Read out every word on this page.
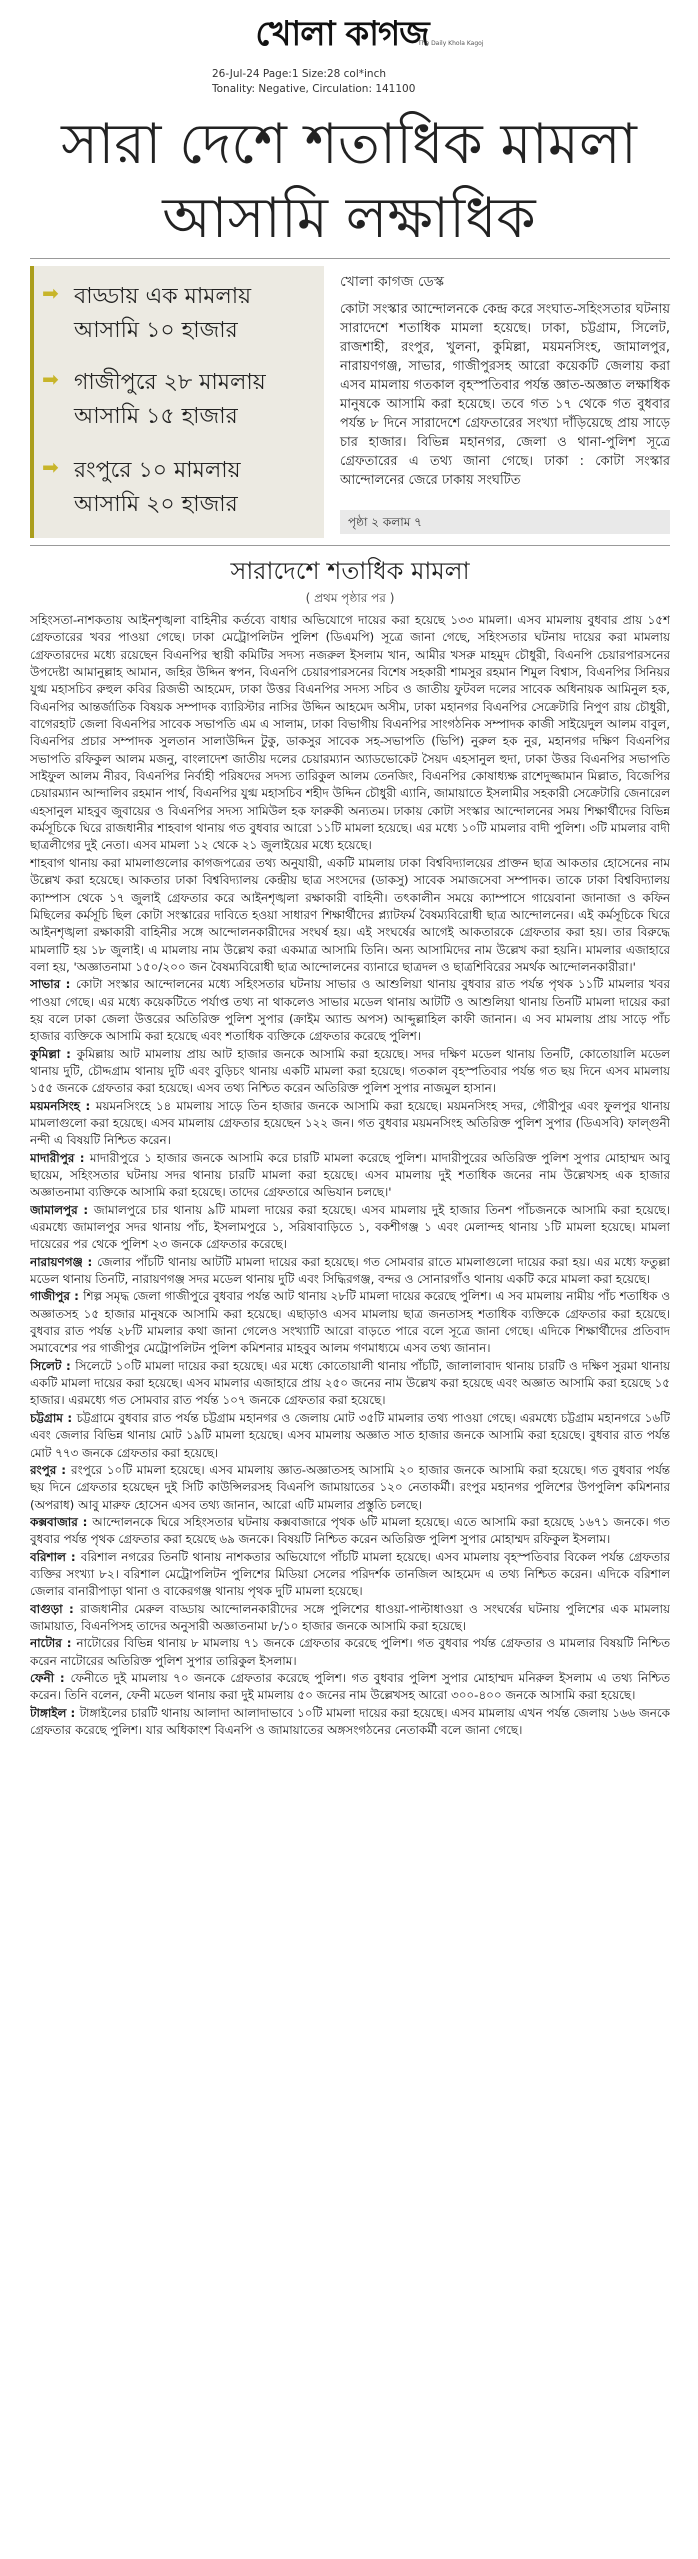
খোলা কাগজ
The Daily Khola Kagoj
26-Jul-24 Page:1 Size:28 col*inch
Tonality: Negative, Circulation: 141100
সারা দেশে শতাধিক মামলা
আসামি লক্ষাধিক
➡ বাড্ডায় এক মামলায়
আসামি ১০ হাজার
➡ গাজীপুরে ২৮ মামলায়
আসামি ১৫ হাজার
➡ রংপুরে ১০ মামলায়
আসামি ২০ হাজার
খোলা কাগজ ডেস্ক
কোটা সংস্কার আন্দোলনকে কেন্দ্র করে সংঘাত-সহিংসতার ঘটনায় সারাদেশে শতাধিক মামলা হয়েছে। ঢাকা, চট্টগ্রাম, সিলেট, রাজশাহী, রংপুর, খুলনা, কুমিল্লা, ময়মনসিংহ, জামালপুর, নারায়ণগঞ্জ, সাভার, গাজীপুরসহ আরো কয়েকটি জেলায় করা এসব মামলায় গতকাল বৃহস্পতিবার পর্যন্ত জ্ঞাত-অজ্ঞাত লক্ষাধিক মানুষকে আসামি করা হয়েছে। তবে গত ১৭ থেকে গত বুধবার পর্যন্ত ৮ দিনে সারাদেশে গ্রেফতারের সংখ্যা দাঁড়িয়েছে প্রায় সাড়ে চার হাজার। বিভিন্ন মহানগর, জেলা ও থানা-পুলিশ সূত্রে গ্রেফতারের এ তথ্য জানা গেছে। ঢাকা : কোটা সংস্কার আন্দোলনের জেরে ঢাকায় সংঘটিত
পৃষ্ঠা ২ কলাম ৭
সারাদেশে শতাধিক মামলা
( প্রথম পৃষ্ঠার পর )

সহিংসতা-নাশকতায় আইনশৃঙ্খলা বাহিনীর কর্তব্যে বাধার অভিযোগে দায়ের করা হয়েছে ১৩৩ মামলা। এসব মামলায় বুধবার প্রায় ১৫শ গ্রেফতারের খবর পাওয়া গেছে। ঢাকা মেট্রোপলিটন পুলিশ (ডিএমপি) সূত্রে জানা গেছে, সহিংসতার ঘটনায় দায়ের করা মামলায় গ্রেফতারদের মধ্যে রয়েছেন বিএনপির স্থায়ী কমিটির সদস্য নজরুল ইসলাম খান, আমীর খসরু মাহমুদ চৌধুরী, বিএনপি চেয়ারপারসনের উপদেষ্টা আমানুল্লাহ আমান, জহির উদ্দিন স্বপন, বিএনপি চেয়ারপারসনের বিশেষ সহকারী শামসুর রহমান শিমুল বিশ্বাস, বিএনপির সিনিয়র যুগ্ম মহাসচিব রুহুল কবির রিজভী আহমেদ, ঢাকা উত্তর বিএনপির সদস্য সচিব ও জাতীয় ফুটবল দলের সাবেক অধিনায়ক আমিনুল হক, বিএনপির আন্তর্জাতিক বিষয়ক সম্পাদক ব্যারিস্টার নাসির উদ্দিন আহমেদ অসীম, ঢাকা মহানগর বিএনপির সেক্রেটারি নিপুণ রায় চৌধুরী, বাগেরহাট জেলা বিএনপির সাবেক সভাপতি এম এ সালাম, ঢাকা বিভাগীয় বিএনপির সাংগঠনিক সম্পাদক কাজী সাইয়েদুল আলম বাবুল, বিএনপির প্রচার সম্পাদক সুলতান সালাউদ্দিন টুকু, ডাকসুর সাবেক সহ-সভাপতি (ভিপি) নুরুল হক নুর, মহানগর দক্ষিণ বিএনপির সভাপতি রফিকুল আলম মজনু, বাংলাদেশ জাতীয় দলের চেয়ারম্যান অ্যাডভোকেট সৈয়দ এহসানুল হুদা, ঢাকা উত্তর বিএনপির সভাপতি সাইফুল আলম নীরব, বিএনপির নির্বাহী পরিষদের সদস্য তারিকুল আলম তেনজিং, বিএনপির কোষাধ্যক্ষ রাশেদুজ্জামান মিল্লাত, বিজেপির চেয়ারম্যান আন্দালিব রহমান পার্থ, বিএনপির যুগ্ম মহাসচিব শহীদ উদ্দিন চৌধুরী এ্যানি, জামায়াতে ইসলামীর সহকারী সেক্রেটারি জেনারেল এহসানুল মাহবুব জুবায়ের ও বিএনপির সদস্য সামিউল হক ফারুকী অন্যতম। ঢাকায় কোটা সংস্কার আন্দোলনের সময় শিক্ষার্থীদের বিভিন্ন কর্মসূচিকে ঘিরে রাজধানীর শাহবাগ থানায় গত বুধবার আরো ১১টি মামলা হয়েছে। এর মধ্যে ১০টি মামলার বাদী পুলিশ। ৩টি মামলার বাদী ছাত্রলীগের দুই নেতা। এসব মামলা ১২ থেকে ২১ জুলাইয়ের মধ্যে হয়েছে।

শাহবাগ থানায় করা মামলাগুলোর কাগজপত্রের তথ্য অনুযায়ী, একটি মামলায় ঢাকা বিশ্ববিদ্যালয়ের প্রাক্তন ছাত্র আকতার হোসেনের নাম উল্লেখ করা হয়েছে। আকতার ঢাকা বিশ্ববিদ্যালয় কেন্দ্রীয় ছাত্র সংসদের (ডাকসু) সাবেক সমাজসেবা সম্পাদক। তাকে ঢাকা বিশ্ববিদ্যালয় ক্যাম্পাস থেকে ১৭ জুলাই গ্রেফতার করে আইনশৃঙ্খলা রক্ষাকারী বাহিনী। তৎকালীন সময়ে ক্যাম্পাসে গায়েবানা জানাজা ও কফিন মিছিলের কর্মসূচি ছিল কোটা সংস্কারের দাবিতে হওয়া সাধারণ শিক্ষার্থীদের প্ল্যাটফর্ম বৈষম্যবিরোধী ছাত্র আন্দোলনের। এই কর্মসূচিকে ঘিরে আইনশৃঙ্খলা রক্ষাকারী বাহিনীর সঙ্গে আন্দোলনকারীদের সংঘর্ষ হয়। এই সংঘর্ষের আগেই আকতারকে গ্রেফতার করা হয়। তার বিরুদ্ধে মামলাটি হয় ১৮ জুলাই। এ মামলায় নাম উল্লেখ করা একমাত্র আসামি তিনি। অন্য আসামিদের নাম উল্লেখ করা হয়নি। মামলার এজাহারে বলা হয়, 'অজ্ঞাতনামা ১৫০/২০০ জন বৈষম্যবিরোধী ছাত্র আন্দোলনের ব্যানারে ছাত্রদল ও ছাত্রশিবিরের সমর্থক আন্দোলনকারীরা।'

সাভার : কোটা সংস্কার আন্দোলনের মধ্যে সহিংসতার ঘটনায় সাভার ও আশুলিয়া থানায় বুধবার রাত পর্যন্ত পৃথক ১১টি মামলার খবর পাওয়া গেছে। এর মধ্যে কয়েকটিতে পর্যাপ্ত তথ্য না থাকলেও সাভার মডেল থানায় আটটি ও আশুলিয়া থানায় তিনটি মামলা দায়ের করা হয় বলে ঢাকা জেলা উত্তরের অতিরিক্ত পুলিশ সুপার (ক্রাইম অ্যান্ড অপস) আব্দুল্লাহিল কাফী জানান। এ সব মামলায় প্রায় সাড়ে পাঁচ হাজার ব্যক্তিকে আসামি করা হয়েছে এবং শতাধিক ব্যক্তিকে গ্রেফতার করেছে পুলিশ।

কুমিল্লা : কুমিল্লায় আট মামলায় প্রায় আট হাজার জনকে আসামি করা হয়েছে। সদর দক্ষিণ মডেল থানায় তিনটি, কোতোয়ালি মডেল থানায় দুটি, চৌদ্দগ্রাম থানায় দুটি এবং বুড়িচং থানায় একটি মামলা করা হয়েছে। গতকাল বৃহস্পতিবার পর্যন্ত গত ছয় দিনে এসব মামলায় ১৫৫ জনকে গ্রেফতার করা হয়েছে। এসব তথ্য নিশ্চিত করেন অতিরিক্ত পুলিশ সুপার নাজমুল হাসান।

ময়মনসিংহ : ময়মনসিংহে ১৪ মামলায় সাড়ে তিন হাজার জনকে আসামি করা হয়েছে। ময়মনসিংহ সদর, গৌরীপুর এবং ফুলপুর থানায় মামলাগুলো করা হয়েছে। এসব মামলায় গ্রেফতার হয়েছেন ১২২ জন। গত বুধবার ময়মনসিংহ অতিরিক্ত পুলিশ সুপার (ডিএসবি) ফাল্গুনী নন্দী এ বিষয়টি নিশ্চিত করেন।

মাদারীপুর : মাদারীপুরে ১ হাজার জনকে আসামি করে চারটি মামলা করেছে পুলিশ। মাদারীপুরের অতিরিক্ত পুলিশ সুপার মোহাম্মদ আবু ছায়েম, সহিংসতার ঘটনায় সদর থানায় চারটি মামলা করা হয়েছে। এসব মামলায় দুই শতাধিক জনের নাম উল্লেখসহ এক হাজার অজ্ঞাতনামা ব্যক্তিকে আসামি করা হয়েছে। তাদের গ্রেফতারে অভিযান চলছে।'

জামালপুর : জামালপুরে চার থানায় ৯টি মামলা দায়ের করা হয়েছে। এসব মামলায় দুই হাজার তিনশ পাঁচজনকে আসামি করা হয়েছে। এরমধ্যে জামালপুর সদর থানায় পাঁচ, ইসলামপুরে ১, সরিষাবাড়িতে ১, বকশীগঞ্জ ১ এবং মেলান্দহ থানায় ১টি মামলা হয়েছে। মামলা দায়েরের পর থেকে পুলিশ ২৩ জনকে গ্রেফতার করেছে।

নারায়ণগঞ্জ : জেলার পাঁচটি থানায় আটটি মামলা দায়ের করা হয়েছে। গত সোমবার রাতে মামলাগুলো দায়ের করা হয়। এর মধ্যে ফতুল্লা মডেল থানায় তিনটি, নারায়ণগঞ্জ সদর মডেল থানায় দুটি এবং সিদ্ধিরগঞ্জ, বন্দর ও সোনারগাঁও থানায় একটি করে মামলা করা হয়েছে।

গাজীপুর : শিল্প সমৃদ্ধ জেলা গাজীপুরে বুধবার পর্যন্ত আট থানায় ২৮টি মামলা দায়ের করেছে পুলিশ। এ সব মামলায় নামীয় পাঁচ শতাধিক ও অজ্ঞাতসহ ১৫ হাজার মানুষকে আসামি করা হয়েছে। এছাড়াও এসব মামলায় ছাত্র জনতাসহ শতাধিক ব্যক্তিকে গ্রেফতার করা হয়েছে। বুধবার রাত পর্যন্ত ২৮টি মামলার কথা জানা গেলেও সংখ্যাটি আরো বাড়তে পারে বলে সূত্রে জানা গেছে। এদিকে শিক্ষার্থীদের প্রতিবাদ সমাবেশের পর গাজীপুর মেট্রোপলিটন পুলিশ কমিশনার মাহবুব আলম গণমাধ্যমে এসব তথ্য জানান।

সিলেট : সিলেটে ১০টি মামলা দায়ের করা হয়েছে। এর মধ্যে কোতোয়ালী থানায় পাঁচটি, জালালাবাদ থানায় চারটি ও দক্ষিণ সুরমা থানায় একটি মামলা দায়ের করা হয়েছে। এসব মামলার এজাহারে প্রায় ২৫০ জনের নাম উল্লেখ করা হয়েছে এবং অজ্ঞাত আসামি করা হয়েছে ১৫ হাজার। এরমধ্যে গত সোমবার রাত পর্যন্ত ১০৭ জনকে গ্রেফতার করা হয়েছে।

চট্টগ্রাম : চট্টগ্রামে বুধবার রাত পর্যন্ত চট্টগ্রাম মহানগর ও জেলায় মোট ৩৫টি মামলার তথ্য পাওয়া গেছে। এরমধ্যে চট্টগ্রাম মহানগরে ১৬টি এবং জেলার বিভিন্ন থানায় মোট ১৯টি মামলা হয়েছে। এসব মামলায় অজ্ঞাত সাত হাজার জনকে আসামি করা হয়েছে। বুধবার রাত পর্যন্ত মোট ৭৭৩ জনকে গ্রেফতার করা হয়েছে।

রংপুর : রংপুরে ১০টি মামলা হয়েছে। এসব মামলায় জ্ঞাত-অজ্ঞাতসহ আসামি ২০ হাজার জনকে আসামি করা হয়েছে। গত বুধবার পর্যন্ত ছয় দিনে গ্রেফতার হয়েছেন দুই সিটি কাউন্সিলরসহ বিএনপি জামায়াতের ১২০ নেতাকর্মী। রংপুর মহানগর পুলিশের উপপুলিশ কমিশনার (অপরাধ) আবু মারুফ হোসেন এসব তথ্য জানান, আরো এটি মামলার প্রস্তুতি চলছে।

কক্সবাজার : আন্দোলনকে ঘিরে সহিংসতার ঘটনায় কক্সবাজারে পৃথক ৬টি মামলা হয়েছে। এতে আসামি করা হয়েছে ১৬৭১ জনকে। গত বুধবার পর্যন্ত পৃথক গ্রেফতার করা হয়েছে ৬৯ জনকে। বিষয়টি নিশ্চিত করেন অতিরিক্ত পুলিশ সুপার মোহাম্মদ রফিকুল ইসলাম।

বরিশাল : বরিশাল নগরের তিনটি থানায় নাশকতার অভিযোগে পাঁচটি মামলা হয়েছে। এসব মামলায় বৃহস্পতিবার বিকেল পর্যন্ত গ্রেফতার ব্যক্তির সংখ্যা ৮২। বরিশাল মেট্রোপলিটন পুলিশের মিডিয়া সেলের পরিদর্শক তানজিল আহমেদ এ তথ্য নিশ্চিত করেন। এদিকে বরিশাল জেলার বানারীপাড়া থানা ও বাকেরগঞ্জ থানায় পৃথক দুটি মামলা হয়েছে।

বাগুড়া : রাজধানীর মেরুল বাড্ডায় আন্দোলনকারীদের সঙ্গে পুলিশের ধাওয়া-পাল্টাধাওয়া ও সংঘর্ষের ঘটনায় পুলিশের এক মামলায় জামায়াত, বিএনপিসহ তাদের অনুসারী অজ্ঞাতনামা ৮/১০ হাজার জনকে আসামি করা হয়েছে।

নাটোর : নাটোরের বিভিন্ন থানায় ৮ মামলায় ৭১ জনকে গ্রেফতার করেছে পুলিশ। গত বুধবার পর্যন্ত গ্রেফতার ও মামলার বিষয়টি নিশ্চিত করেন নাটোরের অতিরিক্ত পুলিশ সুপার তারিকুল ইসলাম।

ফেনী : ফেনীতে দুই মামলায় ৭০ জনকে গ্রেফতার করেছে পুলিশ। গত বুধবার পুলিশ সুপার মোহাম্মদ মনিরুল ইসলাম এ তথ্য নিশ্চিত করেন। তিনি বলেন, ফেনী মডেল থানায় করা দুই মামলায় ৫০ জনের নাম উল্লেখসহ আরো ৩০০-৪০০ জনকে আসামি করা হয়েছে।

টাঙ্গাইল : টাঙ্গাইলের চারটি থানায় আলাদা আলাদাভাবে ১০টি মামলা দায়ের করা হয়েছে। এসব মামলায় এখন পর্যন্ত জেলায় ১৬৬ জনকে গ্রেফতার করেছে পুলিশ। যার অধিকাংশ বিএনপি ও জামায়াতের অঙ্গসংগঠনের নেতাকর্মী বলে জানা গেছে।
